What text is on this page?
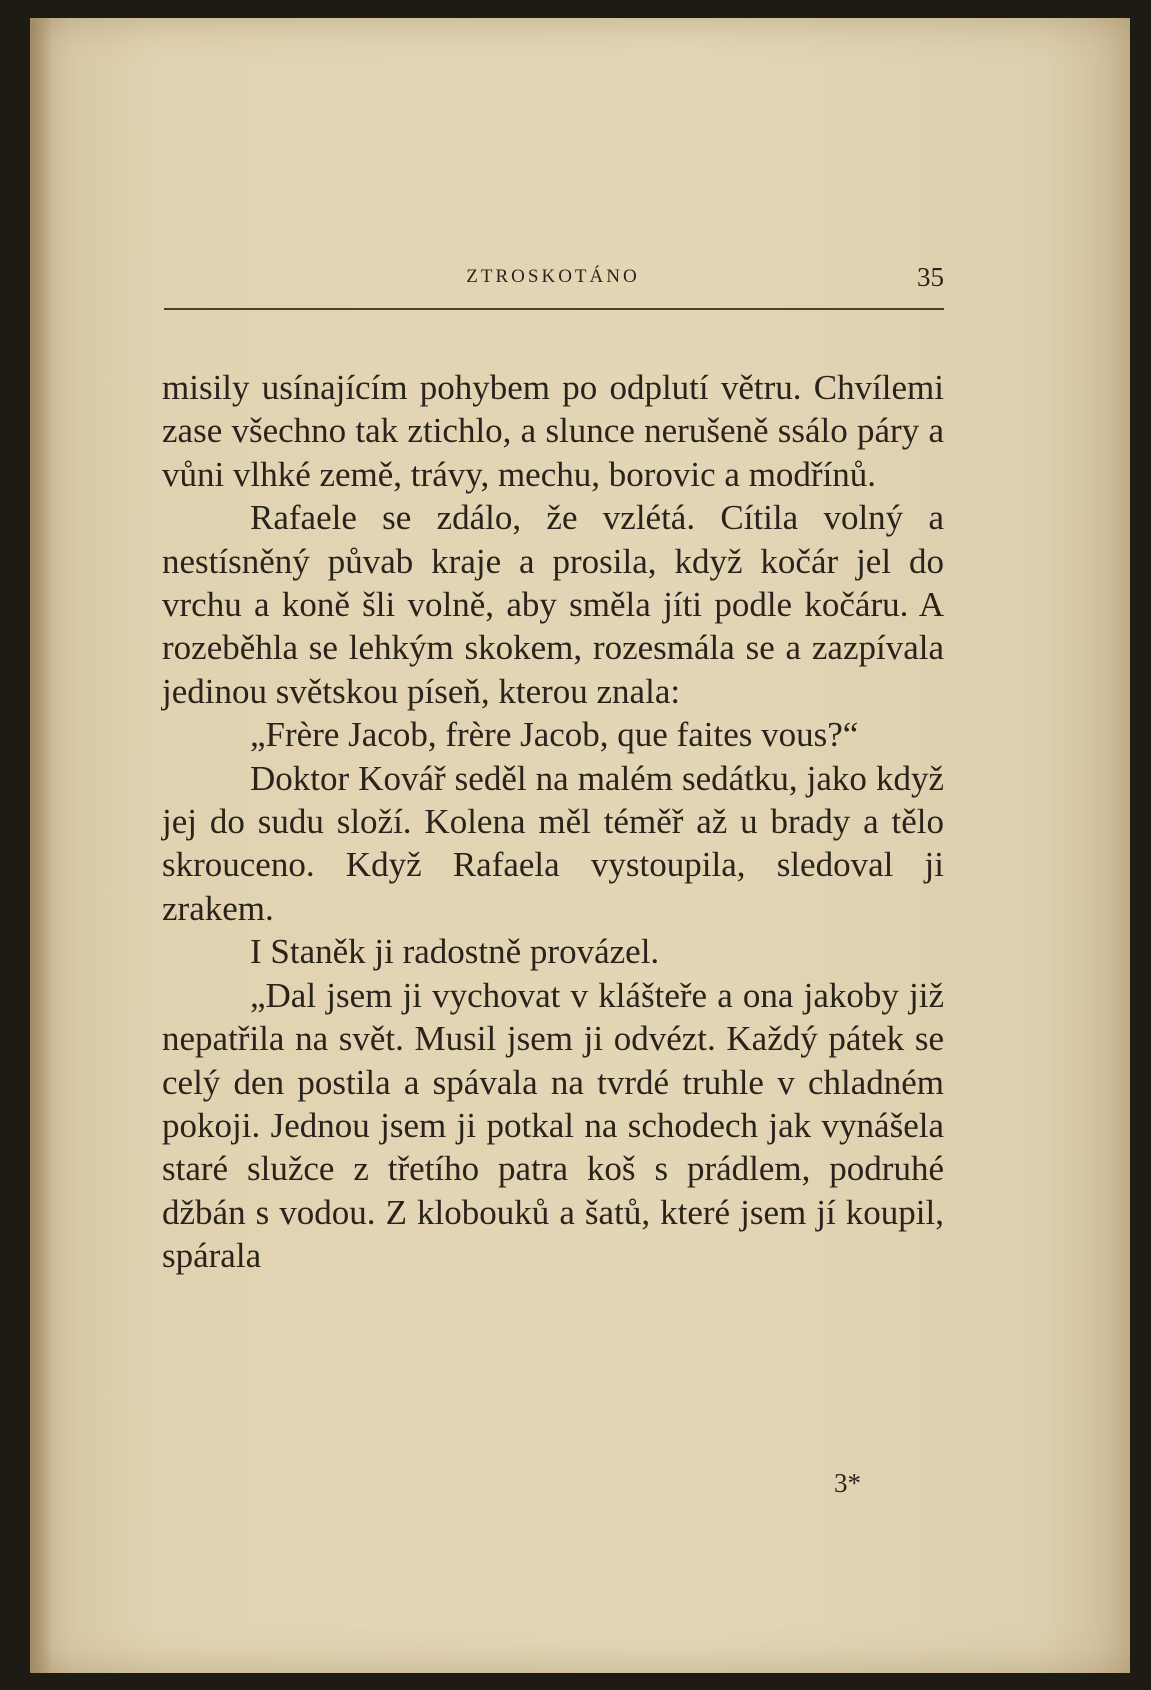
ZTROSKOTÁNO	35

misily usínajícím pohybem po odplutí větru. Chvílemi zase všechno tak ztichlo, a slunce nerušeně ssálo páry a vůni vlhké země, trávy, mechu, borovic a modřínů.

Rafaele se zdálo, že vzlétá. Cítila volný a nestísněný půvab kraje a prosila, když kočár jel do vrchu a koně šli volně, aby směla jíti podle kočáru. A rozeběhla se lehkým skokem, rozesmála se a zazpívala jedinou světskou píseň, kterou znala:

„Frère Jacob, frère Jacob, que faites vous?“

Doktor Kovář seděl na malém sedátku, jako když jej do sudu složí. Kolena měl téměř až u brady a tělo skrouceno. Když Rafaela vystoupila, sledoval ji zrakem.

I Staněk ji radostně provázel.

„Dal jsem ji vychovat v klášteře a ona jakoby již nepatřila na svět. Musil jsem ji odvézt. Každý pátek se celý den postila a spávala na tvrdé truhle v chladném pokoji. Jednou jsem ji potkal na schodech jak vynášela staré služce z třetího patra koš s prádlem, podruhé džbán s vodou. Z klobouků a šatů, které jsem jí koupil, spárala

3*
